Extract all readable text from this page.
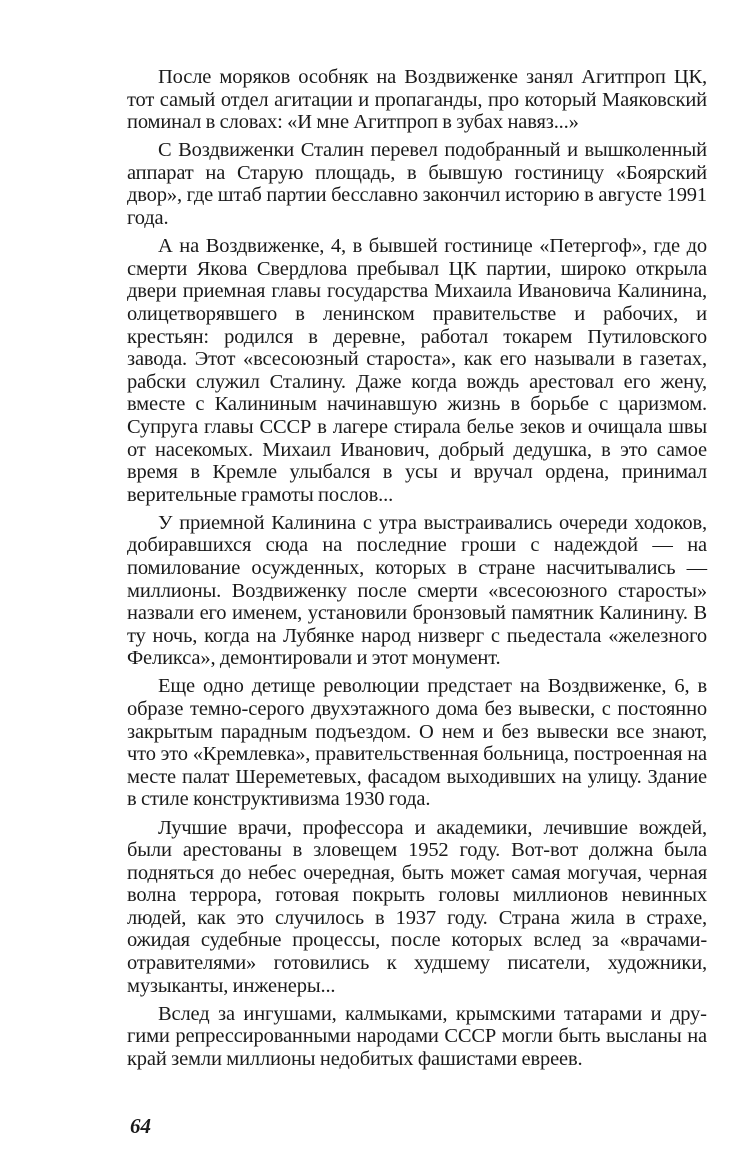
После моряков особняк на Воздвиженке занял Агитпроп ЦК, тот самый отдел агитации и пропаганды, про который Маяковский поминал в словах: «И мне Агитпроп в зубах навяз...»

С Воздвиженки Сталин перевел подобранный и вышколенный аппарат на Старую площадь, в бывшую гостиницу «Боярский двор», где штаб партии бесславно закончил историю в августе 1991 года.

А на Воздвиженке, 4, в бывшей гостинице «Петергоф», где до смерти Якова Свердлова пребывал ЦК партии, широко открыла двери приемная главы государства Михаила Ивановича Калинина, олицетворявшего в ленинском правительстве и рабочих, и крестьян: родился в деревне, работал токарем Путиловского завода. Этот «всесоюзный староста», как его называли в газетах, рабски служил Сталину. Даже когда вождь арестовал его жену, вместе с Калининым начинавшую жизнь в борьбе с царизмом. Супруга главы СССР в лагере стирала белье зеков и очищала швы от насекомых. Михаил Иванович, добрый дедушка, в это самое время в Кремле улыбался в усы и вручал ордена, принимал верительные грамоты послов...

У приемной Калинина с утра выстраивались очереди ходоков, добиравшихся сюда на последние гроши с надеждой — на помилование осужденных, которых в стране насчитывались — миллионы. Воздвиженку после смерти «всесоюзного старосты» назвали его именем, установили бронзовый памятник Калинину. В ту ночь, когда на Лубянке народ низверг с пьедестала «железного Феликса», демонтировали и этот монумент.

Еще одно детище революции предстает на Воздвиженке, 6, в образе темно-серого двухэтажного дома без вывески, с постоянно закрытым парадным подъездом. О нем и без вывески все знают, что это «Кремлевка», правительственная больница, построенная на месте палат Шереметевых, фасадом выходивших на улицу. Здание в стиле конструктивизма 1930 года.

Лучшие врачи, профессора и академики, лечившие вождей, были арестованы в зловещем 1952 году. Вот-вот должна была подняться до небес очередная, быть может самая могучая, черная волна террора, готовая покрыть головы миллионов невинных людей, как это случилось в 1937 году. Страна жила в страхе, ожидая судебные процессы, после которых вслед за «врачами-отравителями» готовились к худшему писатели, художники, музыканты, инженеры...

Вслед за ингушами, калмыками, крымскими татарами и другими репрессированными народами СССР могли быть высланы на край земли миллионы недобитых фашистами евреев.

64
